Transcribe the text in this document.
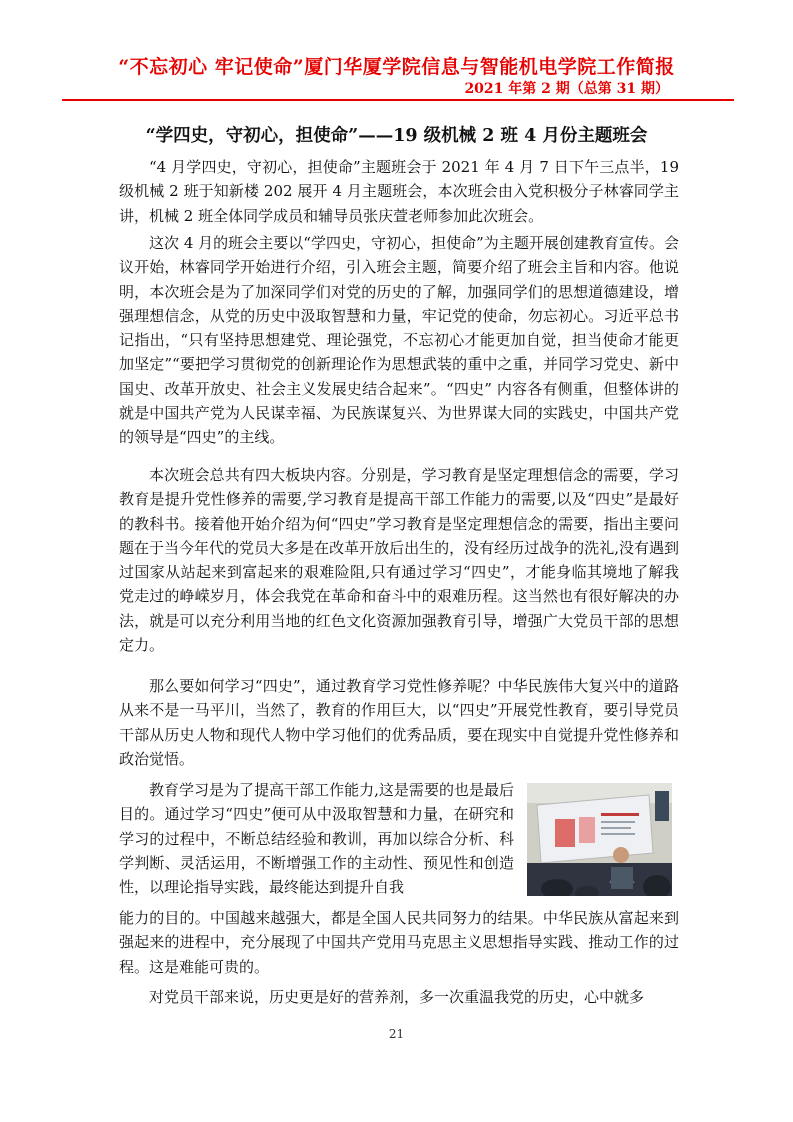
“不忘初心 牢记使命”厦门华厦学院信息与智能机电学院工作简报
2021 年第 2 期（总第 31 期）
“学四史，守初心，担使命”——19 级机械 2 班 4 月份主题班会

“4 月学四史，守初心，担使命”主题班会于 2021 年 4 月 7 日下午三点半，19 级机械 2 班于知新楼 202 展开 4 月主题班会，本次班会由入党积极分子林睿同学主讲，机械 2 班全体同学成员和辅导员张庆萱老师参加此次班会。

这次 4 月的班会主要以“学四史，守初心，担使命”为主题开展创建教育宣传。会议开始，林睿同学开始进行介绍，引入班会主题，简要介绍了班会主旨和内容。他说明，本次班会是为了加深同学们对党的历史的了解，加强同学们的思想道德建设，增强理想信念，从党的历史中汲取智慧和力量，牢记党的使命，勿忘初心。习近平总书记指出，“只有坚持思想建党、理论强党，不忘初心才能更加自觉，担当使命才能更加坚定”“要把学习贯彻党的创新理论作为思想武装的重中之重，并同学习党史、新中国史、改革开放史、社会主义发展史结合起来”。“四史” 内容各有侧重，但整体讲的就是中国共产党为人民谋幸福、为民族谋复兴、为世界谋大同的实践史，中国共产党的领导是“四史”的主线。

本次班会总共有四大板块内容。分别是，学习教育是坚定理想信念的需要，学习教育是提升党性修养的需要,学习教育是提高干部工作能力的需要,以及“四史”是最好的教科书。接着他开始介绍为何“四史”学习教育是坚定理想信念的需要，指出主要问题在于当今年代的党员大多是在改革开放后出生的，没有经历过战争的洗礼,没有遇到过国家从站起来到富起来的艰难险阻,只有通过学习“四史”，才能身临其境地了解我党走过的峥嵘岁月，体会我党在革命和奋斗中的艰难历程。这当然也有很好解决的办法，就是可以充分利用当地的红色文化资源加强教育引导，增强广大党员干部的思想定力。

那么要如何学习“四史”，通过教育学习党性修养呢？中华民族伟大复兴中的道路从来不是一马平川，当然了，教育的作用巨大，以“四史”开展党性教育，要引导党员干部从历史人物和现代人物中学习他们的优秀品质，要在现实中自觉提升党性修养和政治觉悟。

教育学习是为了提高干部工作能力,这是需要的也是最后目的。通过学习“四史”便可从中汲取智慧和力量，在研究和学习的过程中，不断总结经验和教训，再加以综合分析、科学判断、灵活运用，不断增强工作的主动性、预见性和创造性，以理论指导实践，最终能达到提升自我

能力的目的。中国越来越强大，都是全国人民共同努力的结果。中华民族从富起来到强起来的进程中，充分展现了中国共产党用马克思主义思想指导实践、推动工作的过程。这是难能可贵的。

对党员干部来说，历史更是好的营养剂，多一次重温我党的历史，心中就多

21
